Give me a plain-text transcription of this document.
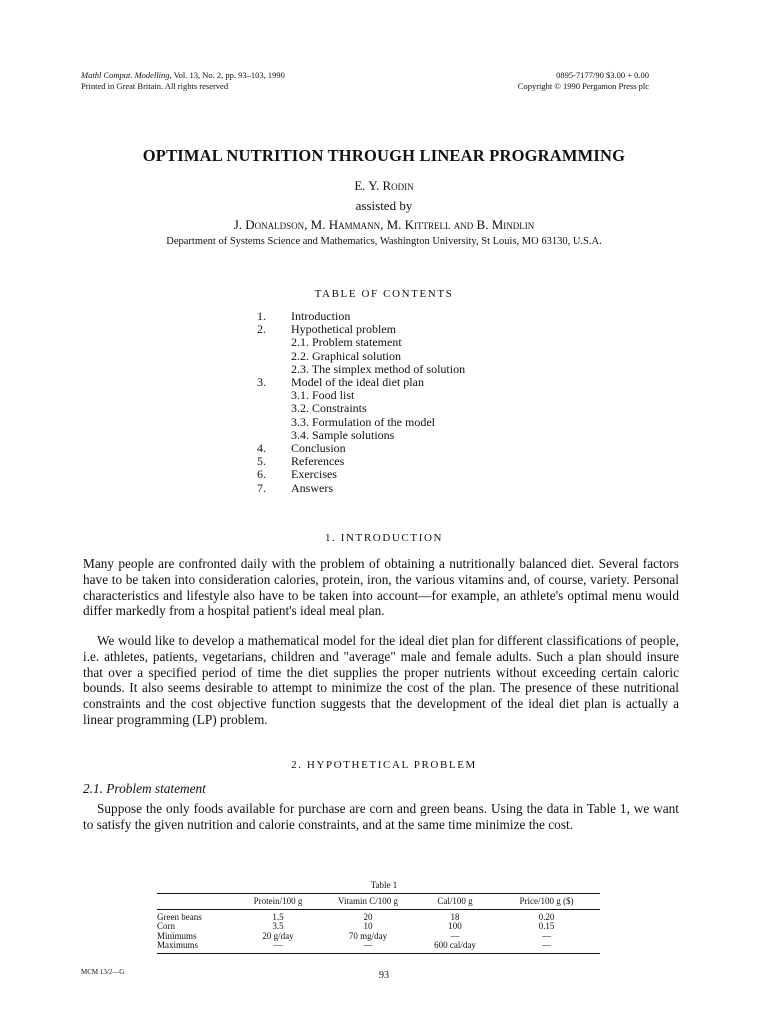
Mathl Comput. Modelling, Vol. 13, No. 2, pp. 93–103, 1990
Printed in Great Britain. All rights reserved
0895-7177/90 $3.00 + 0.00
Copyright © 1990 Pergamon Press plc
OPTIMAL NUTRITION THROUGH LINEAR PROGRAMMING
E. Y. Rodin
assisted by
J. Donaldson, M. Hammann, M. Kittrell and B. Mindlin
Department of Systems Science and Mathematics, Washington University, St Louis, MO 63130, U.S.A.
TABLE OF CONTENTS
1.	Introduction
2.	Hypothetical problem
2.1. Problem statement
2.2. Graphical solution
2.3. The simplex method of solution
3.	Model of the ideal diet plan
3.1. Food list
3.2. Constraints
3.3. Formulation of the model
3.4. Sample solutions
4.	Conclusion
5.	References
6.	Exercises
7.	Answers
1. INTRODUCTION
Many people are confronted daily with the problem of obtaining a nutritionally balanced diet. Several factors have to be taken into consideration calories, protein, iron, the various vitamins and, of course, variety. Personal characteristics and lifestyle also have to be taken into account—for example, an athlete's optimal menu would differ markedly from a hospital patient's ideal meal plan.
We would like to develop a mathematical model for the ideal diet plan for different classifications of people, i.e. athletes, patients, vegetarians, children and "average" male and female adults. Such a plan should insure that over a specified period of time the diet supplies the proper nutrients without exceeding certain caloric bounds. It also seems desirable to attempt to minimize the cost of the plan. The presence of these nutritional constraints and the cost objective function suggests that the development of the ideal diet plan is actually a linear programming (LP) problem.
2. HYPOTHETICAL PROBLEM
2.1. Problem statement
Suppose the only foods available for purchase are corn and green beans. Using the data in Table 1, we want to satisfy the given nutrition and calorie constraints, and at the same time minimize the cost.
Table 1
	Protein/100 g	Vitamin C/100 g	Cal/100 g	Price/100 g ($)
Green beans	1.5	20	18	0.20
Corn	3.5	10	100	0.15
Minimums	20 g/day	70 mg/day	—	—
Maximums	—	—	600 cal/day	—
MCM 13/2—G	93
